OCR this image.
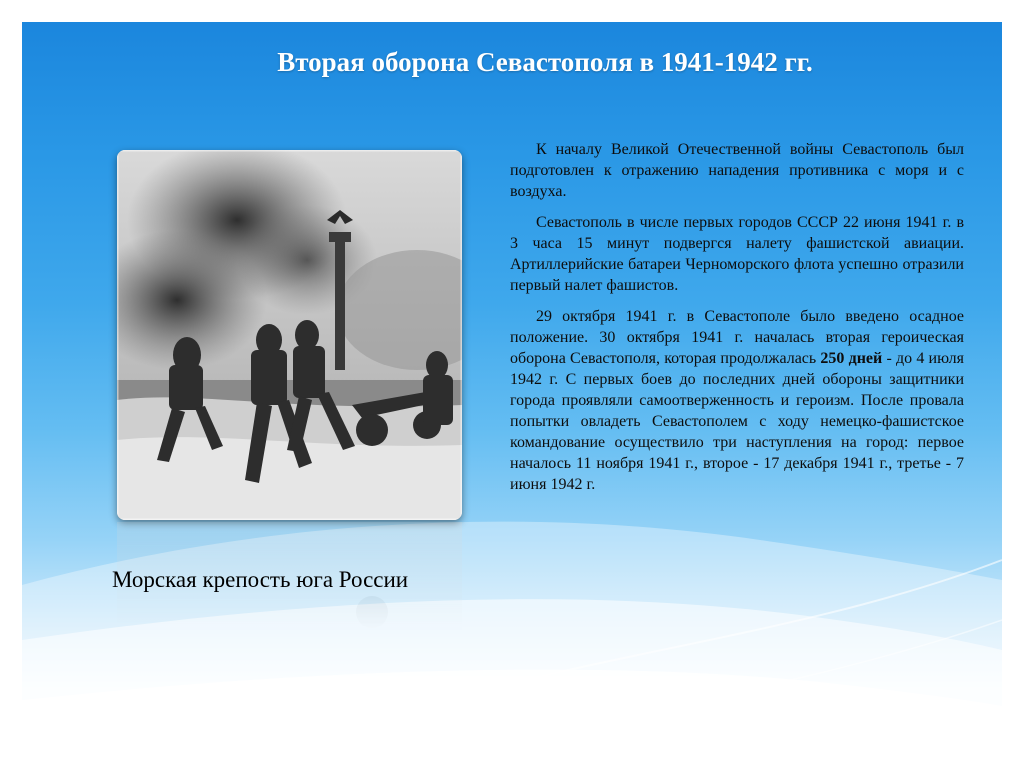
Вторая оборона Севастополя в 1941-1942 гг.
Морская крепость юга России

К началу Великой Отечественной войны Севастополь был подготовлен к отражению нападения противника с моря и с воздуха.

Севастополь в числе первых городов СССР 22 июня 1941 г. в 3 часа 15 минут подвергся налету фашистской авиации. Артиллерийские батареи Черноморского флота успешно отразили первый налет фашистов.

29 октября 1941 г. в Севастополе было введено осадное положение. 30 октября 1941 г. началась вторая героическая оборона Севастополя, которая продолжалась 250 дней - до 4 июля 1942 г. С первых боев до последних дней обороны защитники города проявляли самоотверженность и героизм. После провала попытки овладеть Севастополем с ходу немецко-фашистское командование осуществило три наступления на город: первое началось 11 ноября 1941 г., второе - 17 декабря 1941 г., третье - 7 июня 1942 г.
